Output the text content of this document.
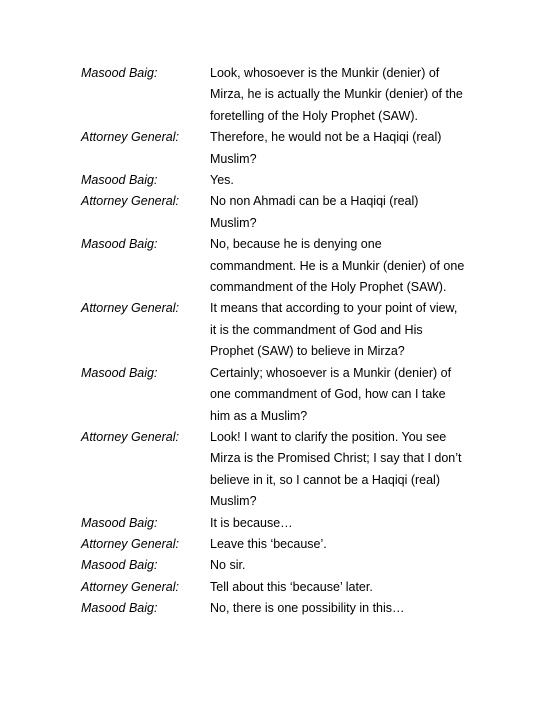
Masood Baig:	Look, whosoever is the Munkir (denier) of
Mirza, he is actually the Munkir (denier) of the
foretelling of the Holy Prophet (SAW).
Attorney General:	Therefore, he would not be a Haqiqi (real)
Muslim?
Masood Baig:	Yes.
Attorney General:	No non Ahmadi can be a Haqiqi (real)
Muslim?
Masood Baig:	No, because he is denying one
commandment. He is a Munkir (denier) of one
commandment of the Holy Prophet (SAW).
Attorney General:	It means that according to your point of view,
it is the commandment of God and His
Prophet (SAW) to believe in Mirza?
Masood Baig:	Certainly; whosoever is a Munkir (denier) of
one commandment of God, how can I take
him as a Muslim?
Attorney General:	Look! I want to clarify the position. You see
Mirza is the Promised Christ; I say that I don’t
believe in it, so I cannot be a Haqiqi (real)
Muslim?
Masood Baig:	It is because…
Attorney General:	Leave this ‘because’.
Masood Baig:	No sir.
Attorney General:	Tell about this ‘because’ later.
Masood Baig:	No, there is one possibility in this…
